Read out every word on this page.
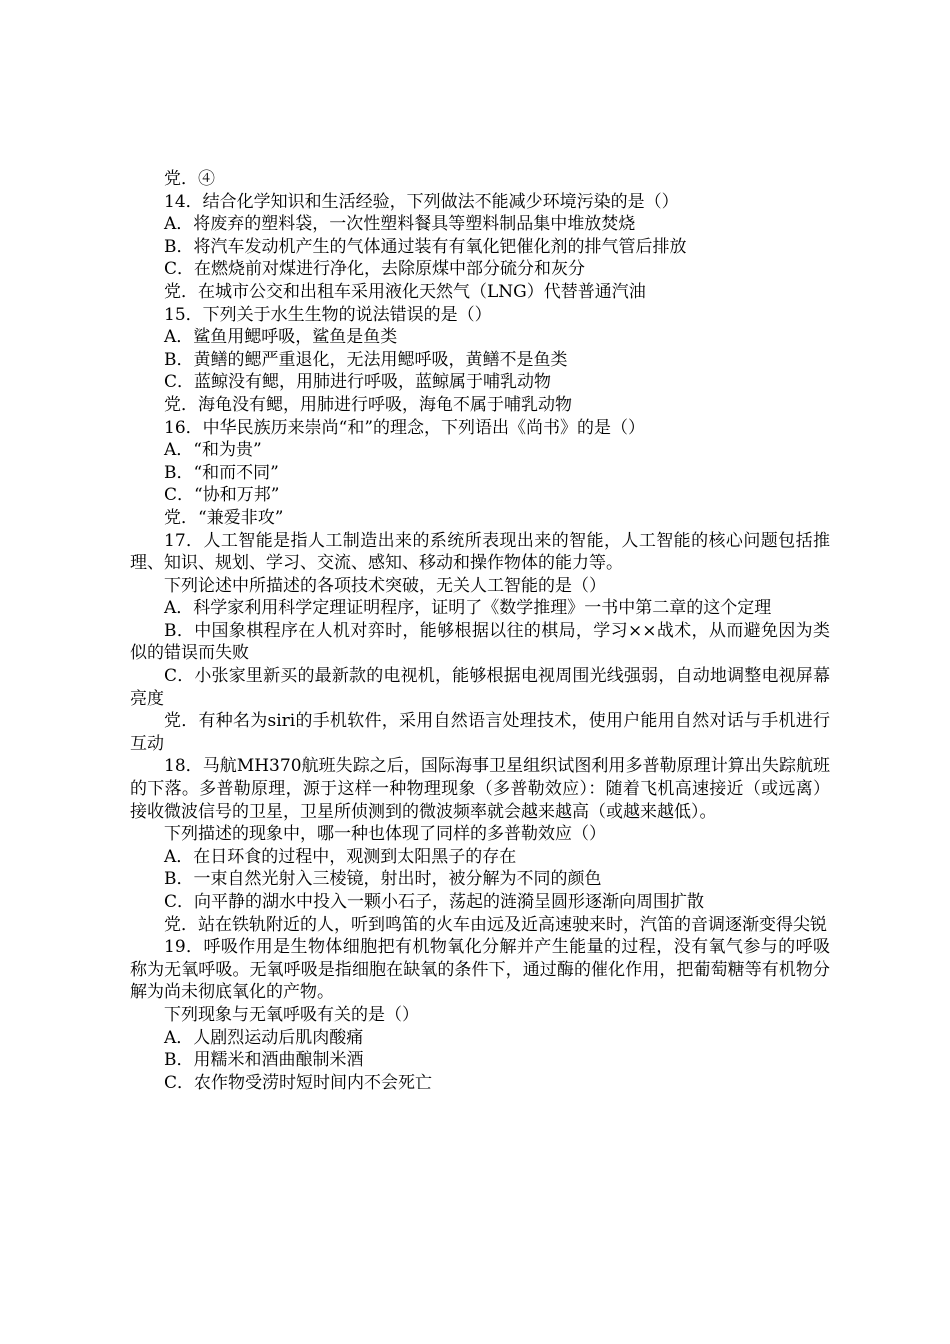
党．④

14．结合化学知识和生活经验，下列做法不能减少环境污染的是（）

A．将废弃的塑料袋，一次性塑料餐具等塑料制品集中堆放焚烧

B．将汽车发动机产生的气体通过装有有氧化钯催化剂的排气管后排放

C．在燃烧前对煤进行净化，去除原煤中部分硫分和灰分

党．在城市公交和出租车采用液化天然气（LNG）代替普通汽油

15．下列关于水生生物的说法错误的是（）

A．鲨鱼用鳃呼吸，鲨鱼是鱼类

B．黄鳝的鳃严重退化，无法用鳃呼吸，黄鳝不是鱼类

C．蓝鲸没有鳃，用肺进行呼吸，蓝鲸属于哺乳动物

党．海龟没有鳃，用肺进行呼吸，海龟不属于哺乳动物

16．中华民族历来崇尚“和”的理念，下列语出《尚书》的是（）

A．“和为贵”

B．“和而不同”

C．“协和万邦”

党．“兼爱非攻”

17．人工智能是指人工制造出来的系统所表现出来的智能，人工智能的核心问题包括推理、知识、规划、学习、交流、感知、移动和操作物体的能力等。

下列论述中所描述的各项技术突破，无关人工智能的是（）

A．科学家利用科学定理证明程序，证明了《数学推理》一书中第二章的这个定理

B．中国象棋程序在人机对弈时，能够根据以往的棋局，学习××战术，从而避免因为类似的错误而失败

C．小张家里新买的最新款的电视机，能够根据电视周围光线强弱，自动地调整电视屏幕亮度

党．有种名为siri的手机软件，采用自然语言处理技术，使用户能用自然对话与手机进行互动

18．马航MH370航班失踪之后，国际海事卫星组织试图利用多普勒原理计算出失踪航班的下落。多普勒原理，源于这样一种物理现象（多普勒效应）：随着飞机高速接近（或远离）接收微波信号的卫星，卫星所侦测到的微波频率就会越来越高（或越来越低）。

下列描述的现象中，哪一种也体现了同样的多普勒效应（）

A．在日环食的过程中，观测到太阳黑子的存在

B．一束自然光射入三棱镜，射出时，被分解为不同的颜色

C．向平静的湖水中投入一颗小石子，荡起的涟漪呈圆形逐渐向周围扩散

党．站在铁轨附近的人，听到鸣笛的火车由远及近高速驶来时，汽笛的音调逐渐变得尖锐

19．呼吸作用是生物体细胞把有机物氧化分解并产生能量的过程，没有氧气参与的呼吸称为无氧呼吸。无氧呼吸是指细胞在缺氧的条件下，通过酶的催化作用，把葡萄糖等有机物分解为尚未彻底氧化的产物。

下列现象与无氧呼吸有关的是（）

A．人剧烈运动后肌肉酸痛

B．用糯米和酒曲酿制米酒

C．农作物受涝时短时间内不会死亡
